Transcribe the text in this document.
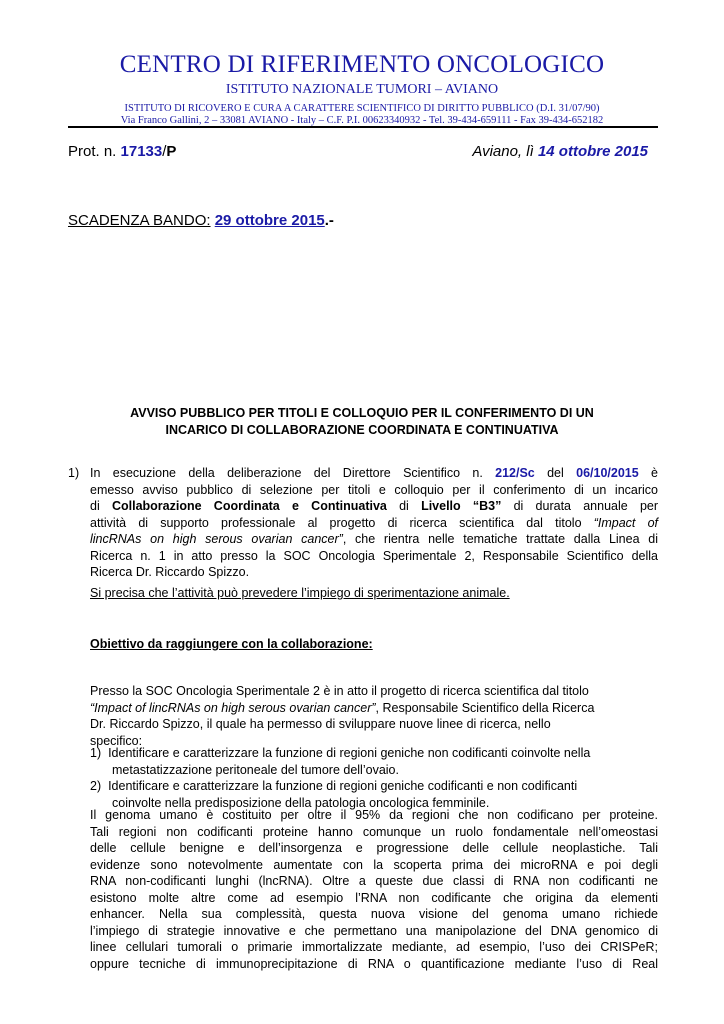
CENTRO DI RIFERIMENTO ONCOLOGICO
ISTITUTO NAZIONALE TUMORI – AVIANO
ISTITUTO DI RICOVERO E CURA A CARATTERE SCIENTIFICO DI DIRITTO PUBBLICO (D.I. 31/07/90)
Via Franco Gallini, 2 – 33081 AVIANO - Italy – C.F. P.I. 00623340932 - Tel. 39-434-659111 - Fax 39-434-652182
Prot. n. 17133/P	Aviano, lì 14 ottobre 2015
SCADENZA BANDO: 29 ottobre 2015.-
AVVISO PUBBLICO PER TITOLI E COLLOQUIO PER IL CONFERIMENTO DI UN
INCARICO DI COLLABORAZIONE COORDINATA E CONTINUATIVA
1) In esecuzione della deliberazione del Direttore Scientifico n. 212/Sc del 06/10/2015 è
emesso avviso pubblico di selezione per titoli e colloquio per il conferimento di un incarico
di Collaborazione Coordinata e Continuativa di Livello “B3” di durata annuale per
attività di supporto professionale al progetto di ricerca scientifica dal titolo “Impact of
lincRNAs on high serous ovarian cancer”, che rientra nelle tematiche trattate dalla Linea di
Ricerca n. 1 in atto presso la SOC Oncologia Sperimentale 2, Responsabile Scientifico della
Ricerca Dr. Riccardo Spizzo.
Si precisa che l’attività può prevedere l’impiego di sperimentazione animale.
Obiettivo da raggiungere con la collaborazione:
Presso la SOC Oncologia Sperimentale 2 è in atto il progetto di ricerca scientifica dal titolo
“Impact of lincRNAs on high serous ovarian cancer”, Responsabile Scientifico della Ricerca
Dr. Riccardo Spizzo, il quale ha permesso di sviluppare nuove linee di ricerca, nello
specifico:
1) Identificare e caratterizzare la funzione di regioni geniche non codificanti coinvolte nella
metastatizzazione peritoneale del tumore dell’ovaio.
2) Identificare e caratterizzare la funzione di regioni geniche codificanti e non codificanti
coinvolte nella predisposizione della patologia oncologica femminile.
Il genoma umano è costituito per oltre il 95% da regioni che non codificano per proteine.
Tali regioni non codificanti proteine hanno comunque un ruolo fondamentale nell’omeostasi
delle cellule benigne e dell’insorgenza e progressione delle cellule neoplastiche. Tali
evidenze sono notevolmente aumentate con la scoperta prima dei microRNA e poi degli
RNA non-codificanti lunghi (lncRNA). Oltre a queste due classi di RNA non codificanti ne
esistono molte altre come ad esempio l’RNA non codificante che origina da elementi
enhancer. Nella sua complessità, questa nuova visione del genoma umano richiede
l’impiego di strategie innovative e che permettano una manipolazione del DNA genomico di
linee cellulari tumorali o primarie immortalizzate mediante, ad esempio, l’uso dei CRISPeR;
oppure tecniche di immunoprecipitazione di RNA o quantificazione mediante l’uso di Real
